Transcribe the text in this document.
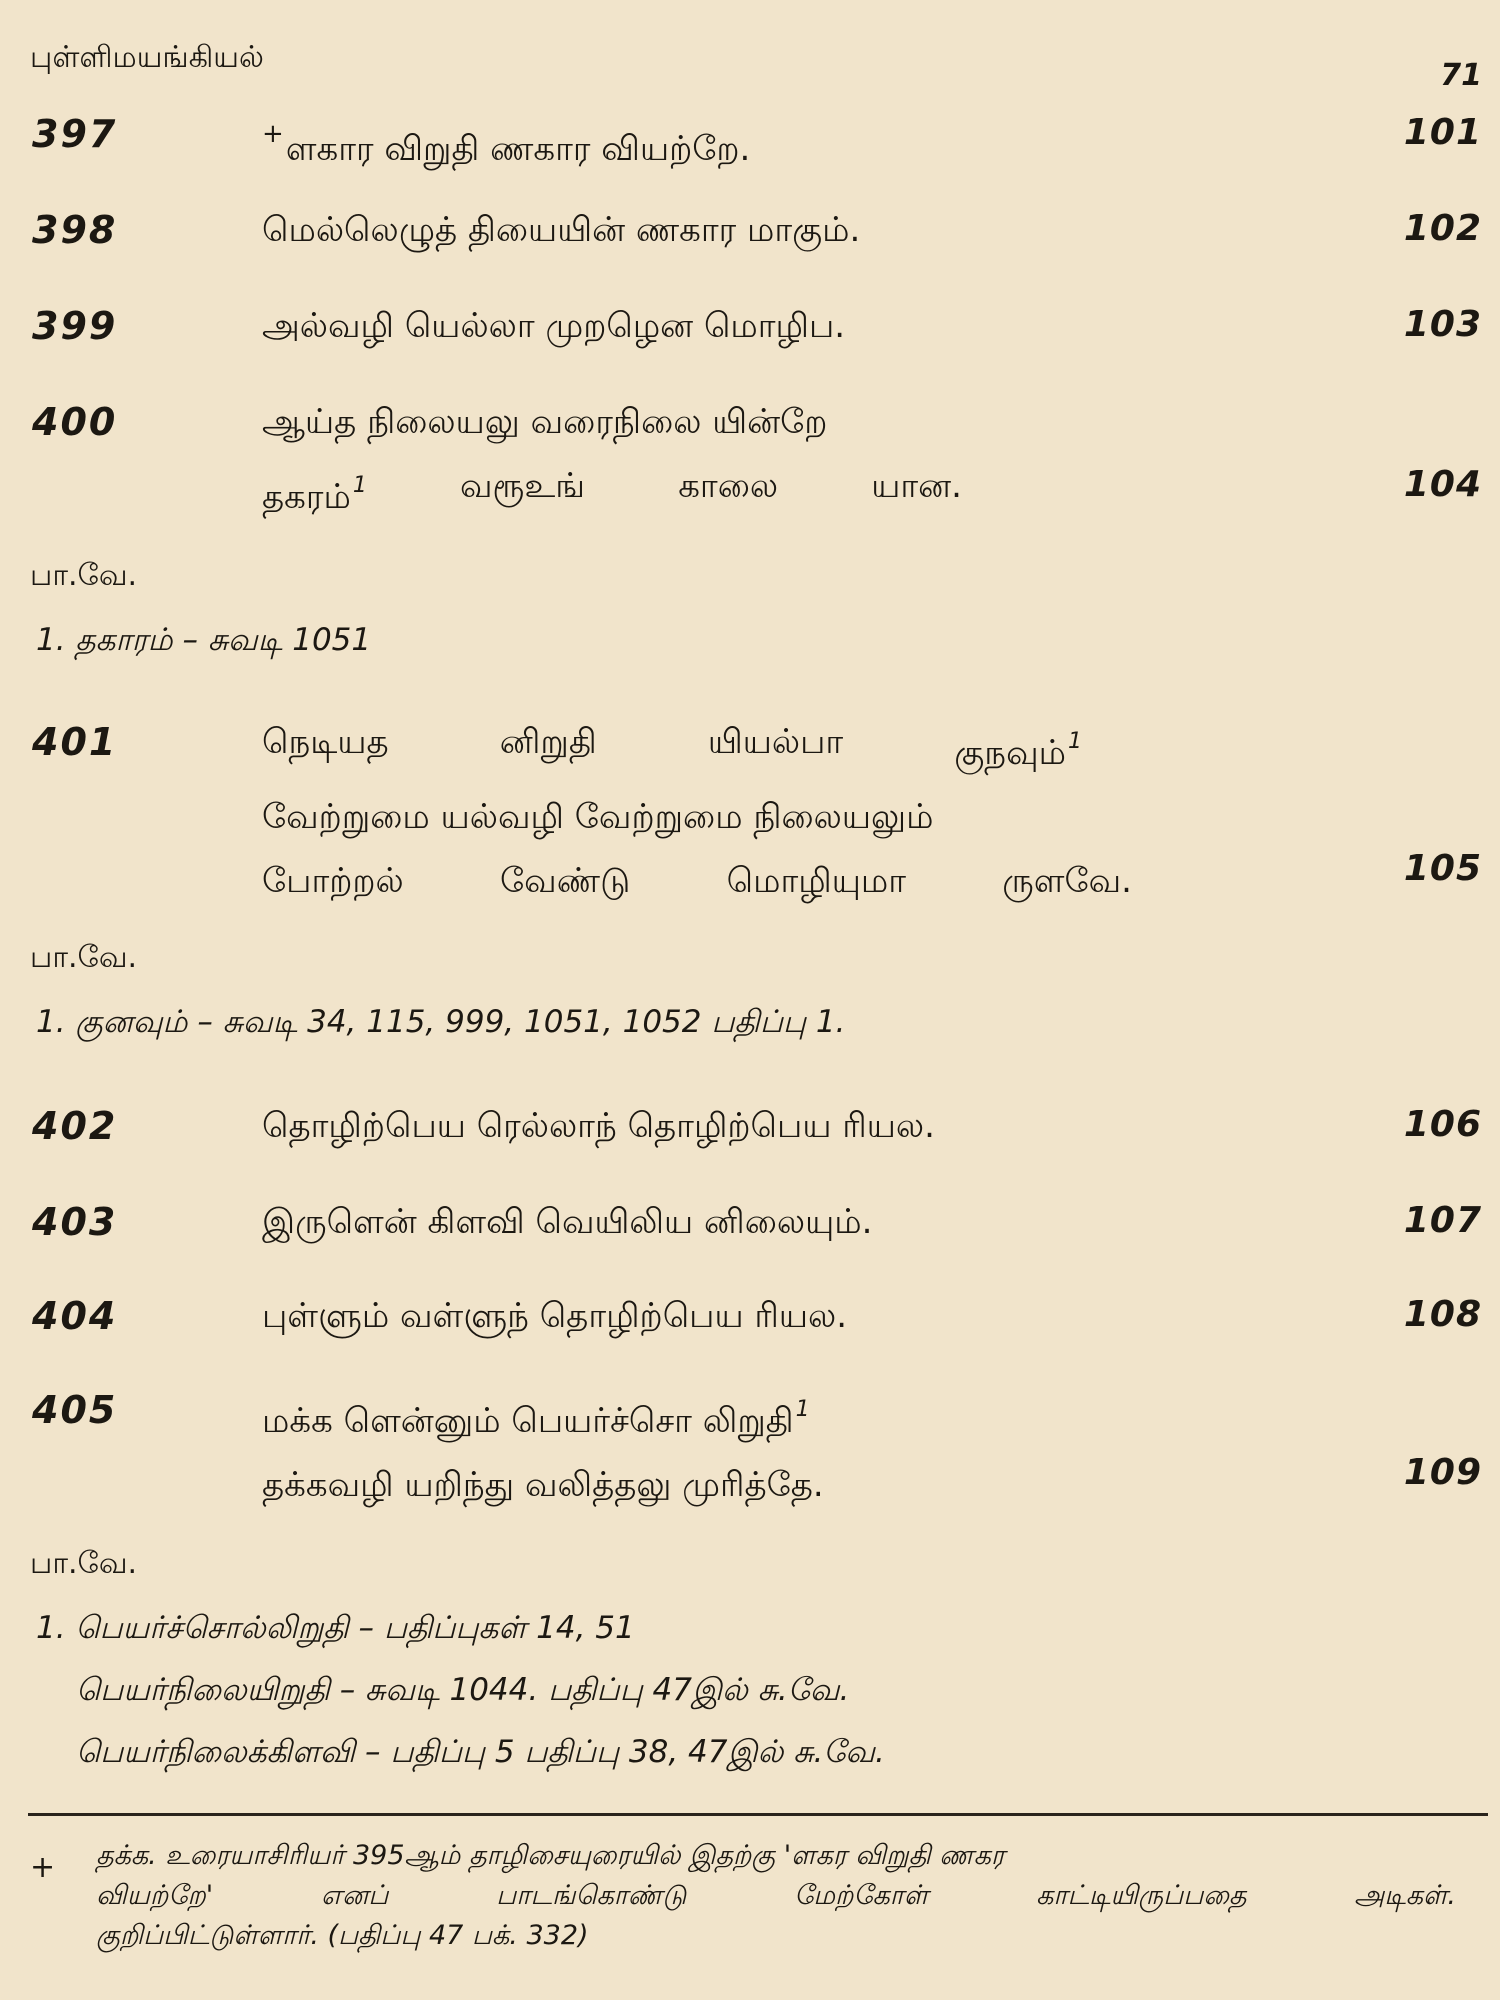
புள்ளிமயங்கியல்
71
397	+ளகார விறுதி ணகார வியற்றே.	101
398	மெல்லெழுத் தியையின் ணகார மாகும்.	102
399	அல்வழி யெல்லா முறழென மொழிப.	103
400	ஆய்த நிலையலு வரைநிலை யின்றே
தகரம்$^1$	வரூஉங்	காலை	யான.	104
பா.வே.
1. தகாரம் – சுவடி 1051
401	நெடியத	னிறுதி	யியல்பா	குநவும்$^1$
வேற்றுமை யல்வழி வேற்றுமை நிலையலும்
போற்றல்	வேண்டு	மொழியுமா	ருளவே.	105
பா.வே.
1. குனவும் – சுவடி 34, 115, 999, 1051, 1052 பதிப்பு 1.
402	தொழிற்பெய ரெல்லாந் தொழிற்பெய ரியல.	106
403	இருளென் கிளவி வெயிலிய னிலையும்.	107
404	புள்ளும் வள்ளுந் தொழிற்பெய ரியல.	108
405	மக்க ளென்னும் பெயர்ச்சொ லிறுதி$^1$
தக்கவழி யறிந்து வலித்தலு முரித்தே.	109
பா.வே.
1. பெயர்ச்சொல்லிறுதி – பதிப்புகள் 14, 51
பெயர்நிலையிறுதி – சுவடி 1044. பதிப்பு 47இல் சு.வே.
பெயர்நிலைக்கிளவி – பதிப்பு 5 பதிப்பு 38, 47இல் சு.வே.
+ தக்க. உரையாசிரியர் 395ஆம் தாழிசையுரையில் இதற்கு 'ளகர விறுதி ணகர
வியற்றே'	எனப்	பாடங்கொண்டு	மேற்கோள்	காட்டியிருப்பதை	அடிகள்.
குறிப்பிட்டுள்ளார். (பதிப்பு 47 பக். 332)
